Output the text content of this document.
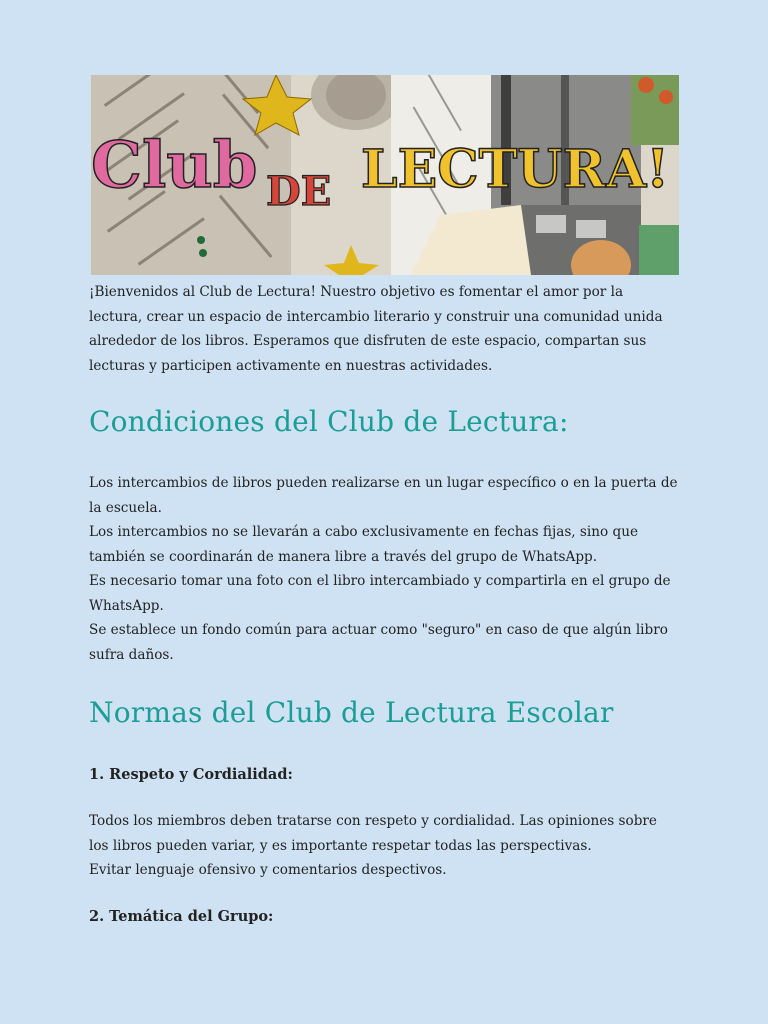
Club DE LECTURA!

¡Bienvenidos al Club de Lectura! Nuestro objetivo es fomentar el amor por la lectura, crear un espacio de intercambio literario y construir una comunidad unida alrededor de los libros. Esperamos que disfruten de este espacio, compartan sus lecturas y participen activamente en nuestras actividades.

Condiciones del Club de Lectura:

Los intercambios de libros pueden realizarse en un lugar específico o en la puerta de la escuela.
Los intercambios no se llevarán a cabo exclusivamente en fechas fijas, sino que también se coordinarán de manera libre a través del grupo de WhatsApp.
Es necesario tomar una foto con el libro intercambiado y compartirla en el grupo de WhatsApp.
Se establece un fondo común para actuar como "seguro" en caso de que algún libro sufra daños.

Normas del Club de Lectura Escolar
1. Respeto y Cordialidad:

Todos los miembros deben tratarse con respeto y cordialidad. Las opiniones sobre los libros pueden variar, y es importante respetar todas las perspectivas.
Evitar lenguaje ofensivo y comentarios despectivos.

2. Temática del Grupo:
